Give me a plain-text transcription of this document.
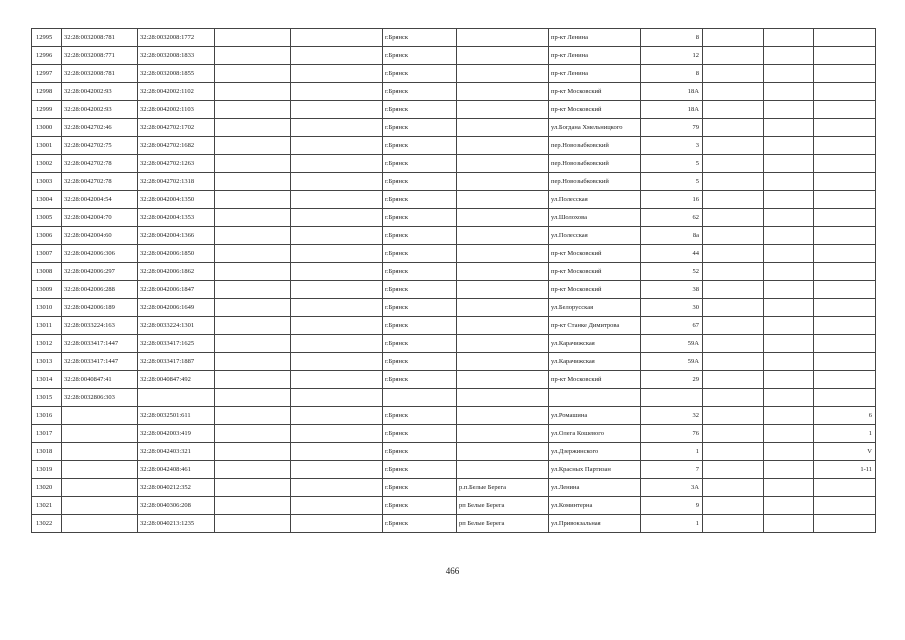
12995	32:28:0032008:781	32:28:0032008:1772			г.Брянск		пр-кт Ленина	8			
12996	32:28:0032008:771	32:28:0032008:1833			г.Брянск		пр-кт Ленина	12			
12997	32:28:0032008:781	32:28:0032008:1855			г.Брянск		пр-кт Ленина	8			
12998	32:28:0042002:93	32:28:0042002:1102			г.Брянск		пр-кт Московский	18А			
12999	32:28:0042002:93	32:28:0042002:1103			г.Брянск		пр-кт Московский	18А			
13000	32:28:0042702:46	32:28:0042702:1702			г.Брянск		ул.Богдана Хмельницкого	79			
13001	32:28:0042702:75	32:28:0042702:1682			г.Брянск		пер.Новозыбковский	3			
13002	32:28:0042702:78	32:28:0042702:1263			г.Брянск		пер.Новозыбковский	5			
13003	32:28:0042702:78	32:28:0042702:1318			г.Брянск		пер.Новозыбковский	5			
13004	32:28:0042004:54	32:28:0042004:1350			г.Брянск		ул.Полесская	16			
13005	32:28:0042004:70	32:28:0042004:1353			г.Брянск		ул.Шолохова	62			
13006	32:28:0042004:60	32:28:0042004:1366			г.Брянск		ул.Полесская	8а			
13007	32:28:0042006:306	32:28:0042006:1850			г.Брянск		пр-кт Московский	44			
13008	32:28:0042006:297	32:28:0042006:1862			г.Брянск		пр-кт Московский	52			
13009	32:28:0042006:288	32:28:0042006:1847			г.Брянск		пр-кт Московский	38			
13010	32:28:0042006:189	32:28:0042006:1649			г.Брянск		ул.Белорусская	30			
13011	32:28:0033224:163	32:28:0033224:1301			г.Брянск		пр-кт Станке Димитрова	67			
13012	32:28:0033417:1447	32:28:0033417:1625			г.Брянск		ул.Карачижская	59А			
13013	32:28:0033417:1447	32:28:0033417:1887			г.Брянск		ул.Карачижская	59А			
13014	32:28:0040847:41	32:28:0040847:492			г.Брянск		пр-кт Московский	29			
13015	32:28:0032806:303										
13016		32:28:0032501:611			г.Брянск		ул.Ромашина	32			6
13017		32:28:0042003:419			г.Брянск		ул.Олега Кошевого	76			1
13018		32:28:0042403:321			г.Брянск		ул.Дзержинского	1			V
13019		32:28:0042408:461			г.Брянск		ул.Красных Партизан	7			1-11
13020		32:28:0040212:352			г.Брянск	р.п.Белые Берега	ул.Ленина	3А			
13021		32:28:0040306:208			г.Брянск	рп Белые Берега	ул.Коминтерна	9			
13022		32:28:0040213:1235			г.Брянск	рп Белые Берега	ул.Привокзальная	1			
466
